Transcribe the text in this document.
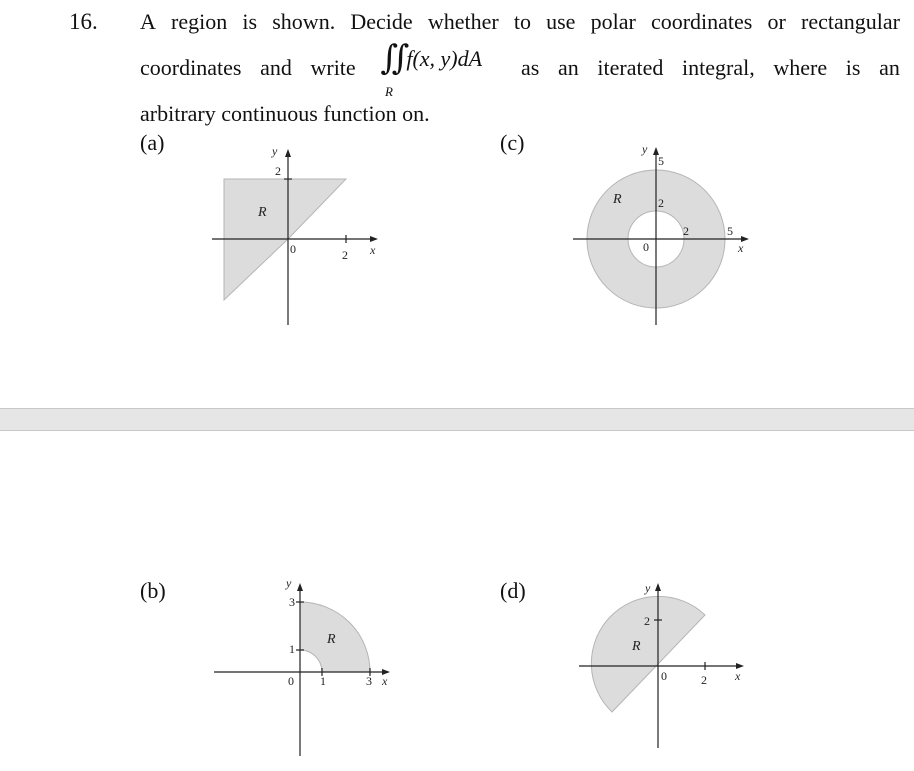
16. A region is shown. Decide whether to use polar coordinates or rectangular
coordinates and write ∬
f(x, y)dA as an iterated integral, where is an
R
arbitrary continuous function on.
(a)	(c)
(b)	(d)
y
2
R
0	2 x
y
5
2
R
2	5
0	x
y
3
1
R
0 1	3 x
y
2
R
0	2 x
